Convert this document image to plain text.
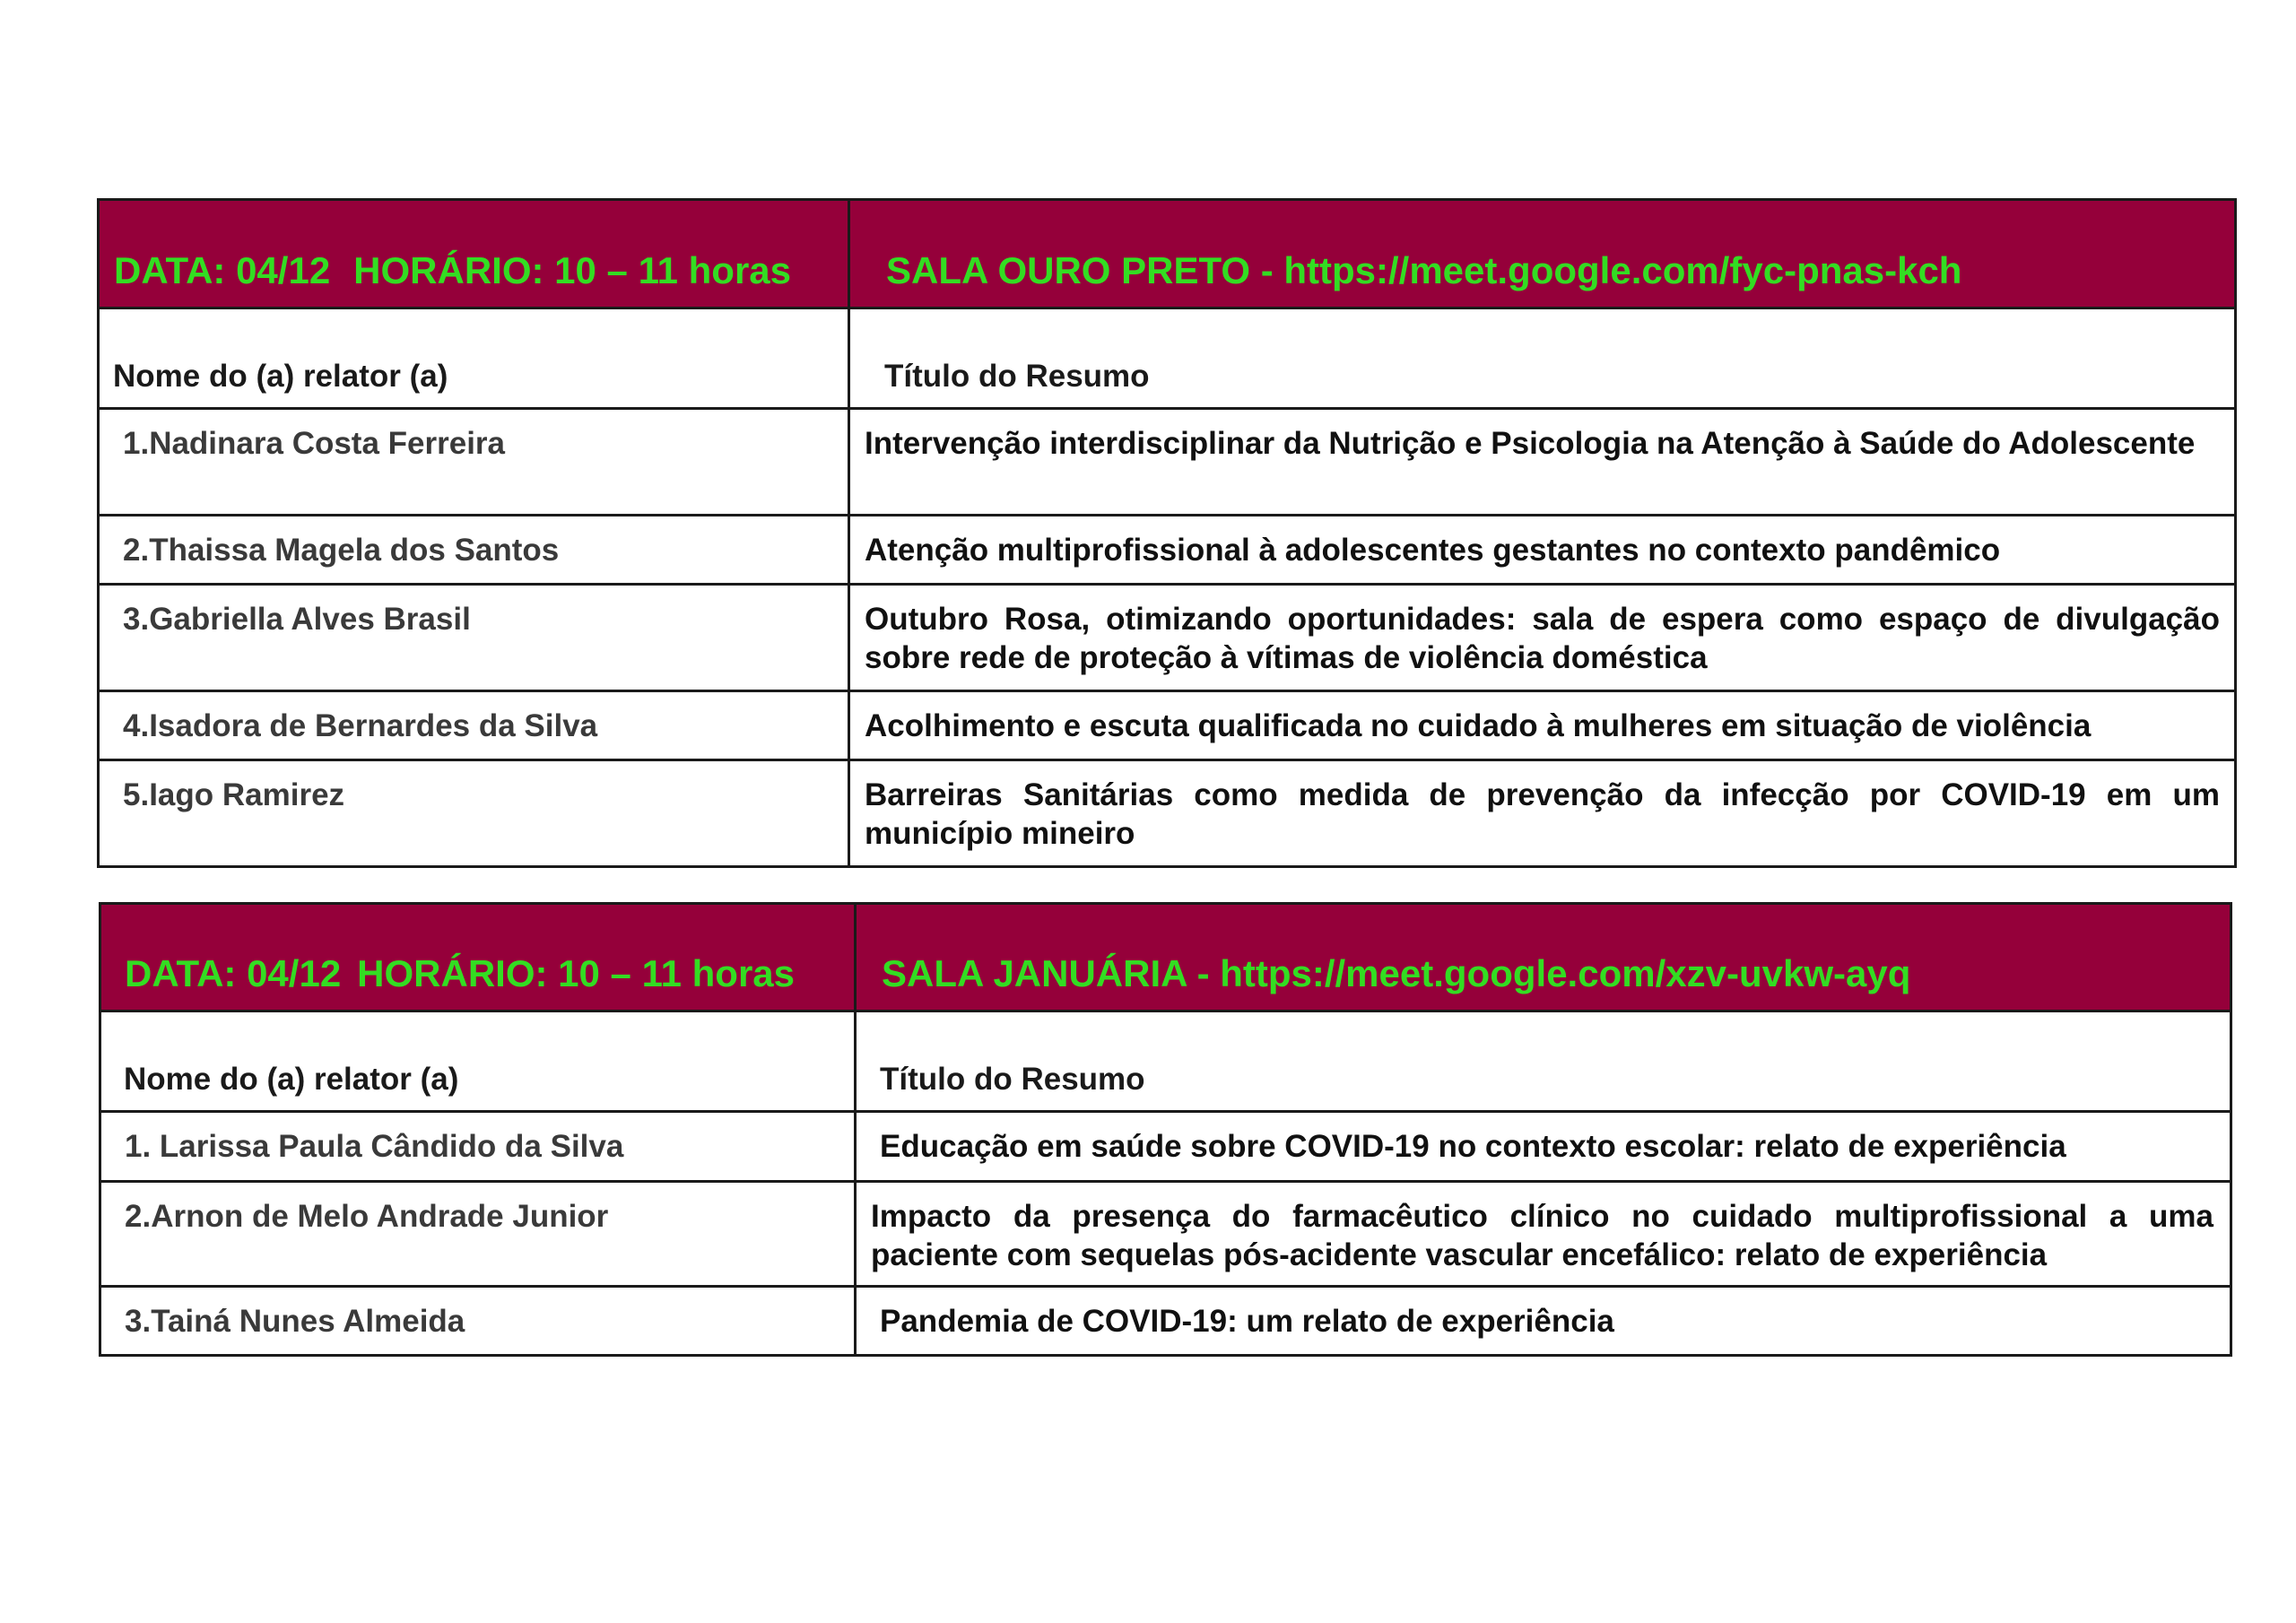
DATA: 04/12 HORÁRIO: 10 – 11 horas	SALA OURO PRETO - https://meet.google.com/fyc-pnas-kch
Nome do (a) relator (a)	Título do Resumo
1.Nadinara Costa Ferreira	Intervenção interdisciplinar da Nutrição e Psicologia na Atenção à Saúde do Adolescente
2.Thaissa Magela dos Santos	Atenção multiprofissional à adolescentes gestantes no contexto pandêmico
3.Gabriella Alves Brasil	Outubro Rosa, otimizando oportunidades: sala de espera como espaço de divulgação sobre rede de proteção à vítimas de violência doméstica
4.Isadora de Bernardes da Silva	Acolhimento e escuta qualificada no cuidado à mulheres em situação de violência
5.Iago Ramirez	Barreiras Sanitárias como medida de prevenção da infecção por COVID-19 em um município mineiro
DATA: 04/12 HORÁRIO: 10 – 11 horas	SALA JANUÁRIA - https://meet.google.com/xzv-uvkw-ayq
Nome do (a) relator (a)	Título do Resumo
1. Larissa Paula Cândido da Silva	Educação em saúde sobre COVID-19 no contexto escolar: relato de experiência
2.Arnon de Melo Andrade Junior	Impacto da presença do farmacêutico clínico no cuidado multiprofissional a uma paciente com sequelas pós-acidente vascular encefálico: relato de experiência
3.Tainá Nunes Almeida	Pandemia de COVID-19: um relato de experiência
